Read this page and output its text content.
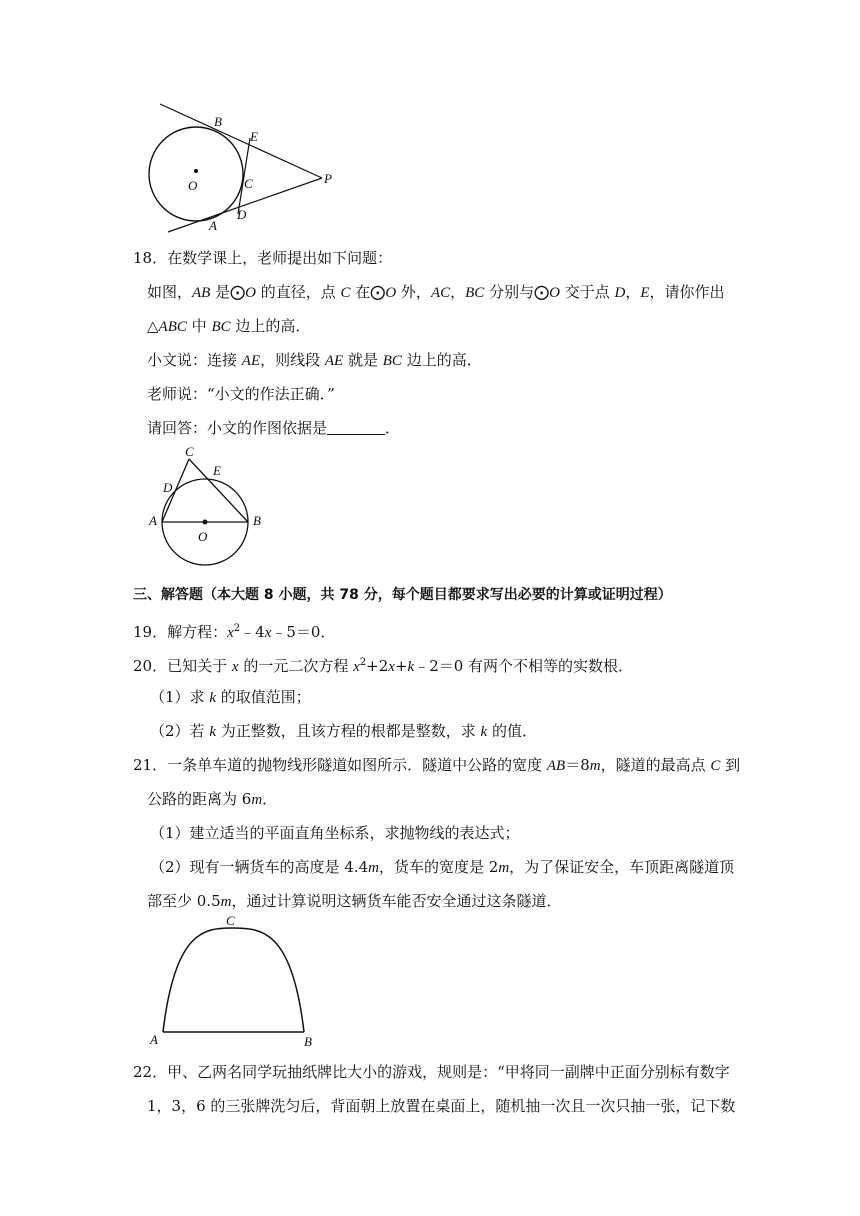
B
E
O	C	P
D
A
18．在数学课上，老师提出如下问题：
如图，AB 是⨀O 的直径，点 C 在⨀O 外，AC，BC 分别与⨀O 交于点 D，E，请你作出
△ABC 中 BC 边上的高．
小文说：连接 AE，则线段 AE 就是 BC 边上的高．
老师说：“小文的作法正确．”
请回答：小文的作图依据是	．
C
E
D
A	B
O
三、解答题（本大题 8 小题，共 78 分，每个题目都要求写出必要的计算或证明过程）
19．解方程：$x^2﹣4x﹣5=0$．
20．已知关于 x 的一元二次方程 $x^2+2x+k﹣2=0$ 有两个不相等的实数根．
（1）求 k 的取值范围；
（2）若 k 为正整数，且该方程的根都是整数，求 k 的值．
21．一条单车道的抛物线形隧道如图所示．隧道中公路的宽度 AB＝8m，隧道的最高点 C 到
公路的距离为 6m．
（1）建立适当的平面直角坐标系，求抛物线的表达式；
（2）现有一辆货车的高度是 4.4m，货车的宽度是 2m，为了保证安全，车顶距离隧道顶
部至少 0.5m，通过计算说明这辆货车能否安全通过这条隧道．
C
A	B
22．甲、乙两名同学玩抽纸牌比大小的游戏，规则是：“甲将同一副牌中正面分别标有数字
1，3，6 的三张牌洗匀后，背面朝上放置在桌面上，随机抽一次且一次只抽一张，记下数
